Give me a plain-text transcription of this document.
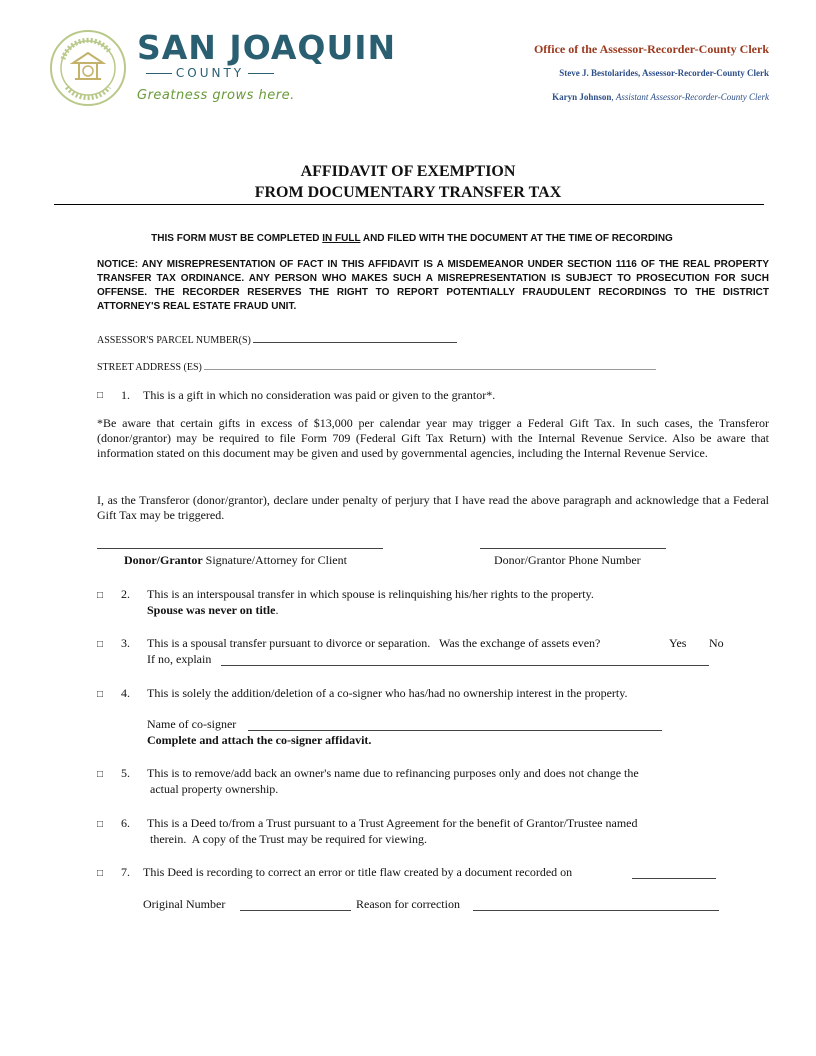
SAN JOAQUIN
COUNTY
Greatness grows here.
Office of the Assessor-Recorder-County Clerk
Steve J. Bestolarides, Assessor-Recorder-County Clerk
Karyn Johnson, Assistant Assessor-Recorder-County Clerk
AFFIDAVIT OF EXEMPTION
FROM DOCUMENTARY TRANSFER TAX
THIS FORM MUST BE COMPLETED IN FULL AND FILED WITH THE DOCUMENT AT THE TIME OF RECORDING
NOTICE: ANY MISREPRESENTATION OF FACT IN THIS AFFIDAVIT IS A MISDEMEANOR UNDER SECTION 1116 OF THE REAL PROPERTY TRANSFER TAX ORDINANCE. ANY PERSON WHO MAKES SUCH A MISREPRESENTATION IS SUBJECT TO PROSECUTION FOR SUCH OFFENSE. THE RECORDER RESERVES THE RIGHT TO REPORT POTENTIALLY FRAUDULENT RECORDINGS TO THE DISTRICT ATTORNEY'S REAL ESTATE FRAUD UNIT.
ASSESSOR'S PARCEL NUMBER(S)
STREET ADDRESS (ES)
□ 1. This is a gift in which no consideration was paid or given to the grantor*.
*Be aware that certain gifts in excess of $13,000 per calendar year may trigger a Federal Gift Tax. In such cases, the Transferor (donor/grantor) may be required to file Form 709 (Federal Gift Tax Return) with the Internal Revenue Service. Also be aware that information stated on this document may be given and used by governmental agencies, including the Internal Revenue Service.
I, as the Transferor (donor/grantor), declare under penalty of perjury that I have read the above paragraph and acknowledge that a Federal Gift Tax may be triggered.
Donor/Grantor Signature/Attorney for Client	Donor/Grantor Phone Number
□ 2. This is an interspousal transfer in which spouse is relinquishing his/her rights to the property.
Spouse was never on title.
□ 3. This is a spousal transfer pursuant to divorce or separation.   Was the exchange of assets even?	Yes No
If no, explain
□ 4. This is solely the addition/deletion of a co-signer who has/had no ownership interest in the property.
Name of co-signer
Complete and attach the co-signer affidavit.
□ 5. This is to remove/add back an owner's name due to refinancing purposes only and does not change the
actual property ownership.
□ 6. This is a Deed to/from a Trust pursuant to a Trust Agreement for the benefit of Grantor/Trustee named
therein.  A copy of the Trust may be required for viewing.
□ 7. This Deed is recording to correct an error or title flaw created by a document recorded on
Original Number	Reason for correction
